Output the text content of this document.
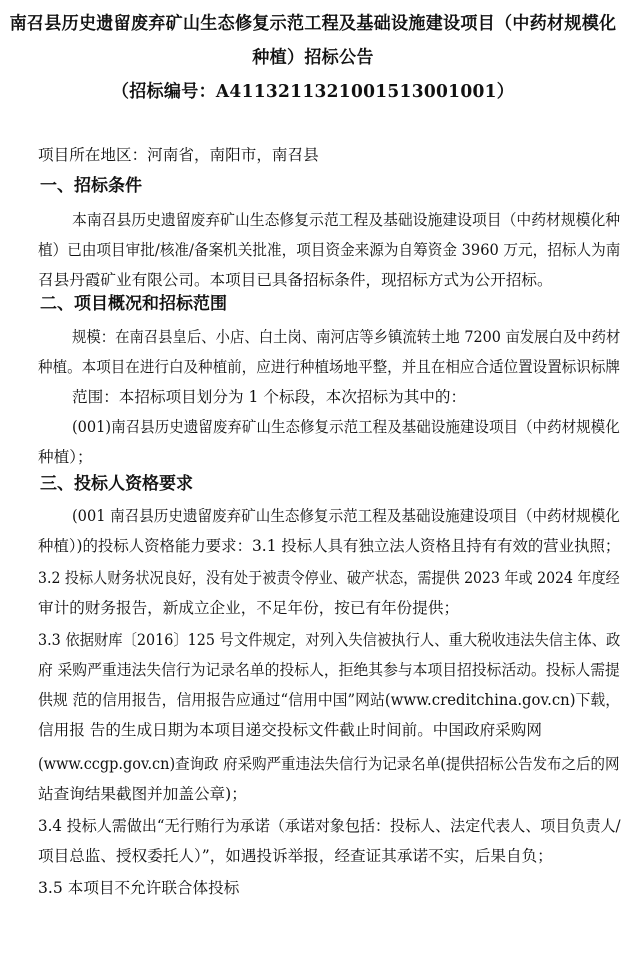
南召县历史遗留废弃矿山生态修复示范工程及基础设施建设项目（中药材规模化
种植）招标公告
（招标编号：A411321132100151300100​1）
项目所在地区：河南省，南阳市，南召县
一、招标条件
本南召县历史遗留废弃矿山生态修复示范工程及基础设施建设项目（中药材规模化种
植）已由项目审批/核准/备案机关批准，项目资金来源为自筹资金 3960 万元，招标人为南
召县丹霞矿业有限公司。本项目已具备招标条件，现招标方式为公开招标。
二、项目概况和招标范围
规模：在南召县皇后、小店、白土岗、南河店等乡镇流转土地 7200 亩发展白及中药材
种植。本项目在进行白及种植前，应进行种植场地平整，并且在相应合适位置设置标识标牌
范围：本招标项目划分为 1 个标段，本次招标为其中的：
(001)南召县历史遗留废弃矿山生态修复示范工程及基础设施建设项目（中药材规模化
种植）；
三、投标人资格要求
(001 南召县历史遗留废弃矿山生态修复示范工程及基础设施建设项目（中药材规模化
种植）)的投标人资格能力要求：3.1 投标人具有独立法人资格且持有有效的营业执照；
3.2 投标人财务状况良好，没有处于被责令停业、破产状态，需提供 2023 年或 2024 年度经
审计的财务报告，新成立企业，不足年份，按已有年份提供；
3.3 依据财库〔2016〕125 号文件规定，对列入失信被执行人、重大税收违法失信主体、政
府 采购严重违法失信行为记录名单的投标人，拒绝其参与本项目招投标活动。投标人需提
供规 范的信用报告，信用报告应通过“信用中国”网站(www.creditchina.gov.cn)下载，
信用报 告的生成日期为本项目递交投标文件截止时间前。中国政府采购网
(www.ccgp.gov.cn)查询政 府采购严重违法失信行为记录名单(提供招标公告发布之后的网
站查询结果截图并加盖公章)；
3.4 投标人需做出“无行贿行为承诺（承诺对象包括：投标人、法定代表人、项目负责人/
项目总监、授权委托人）”，如遇投诉举报，经查证其承诺不实，后果自负；
3.5 本项目不允许联合体投标
